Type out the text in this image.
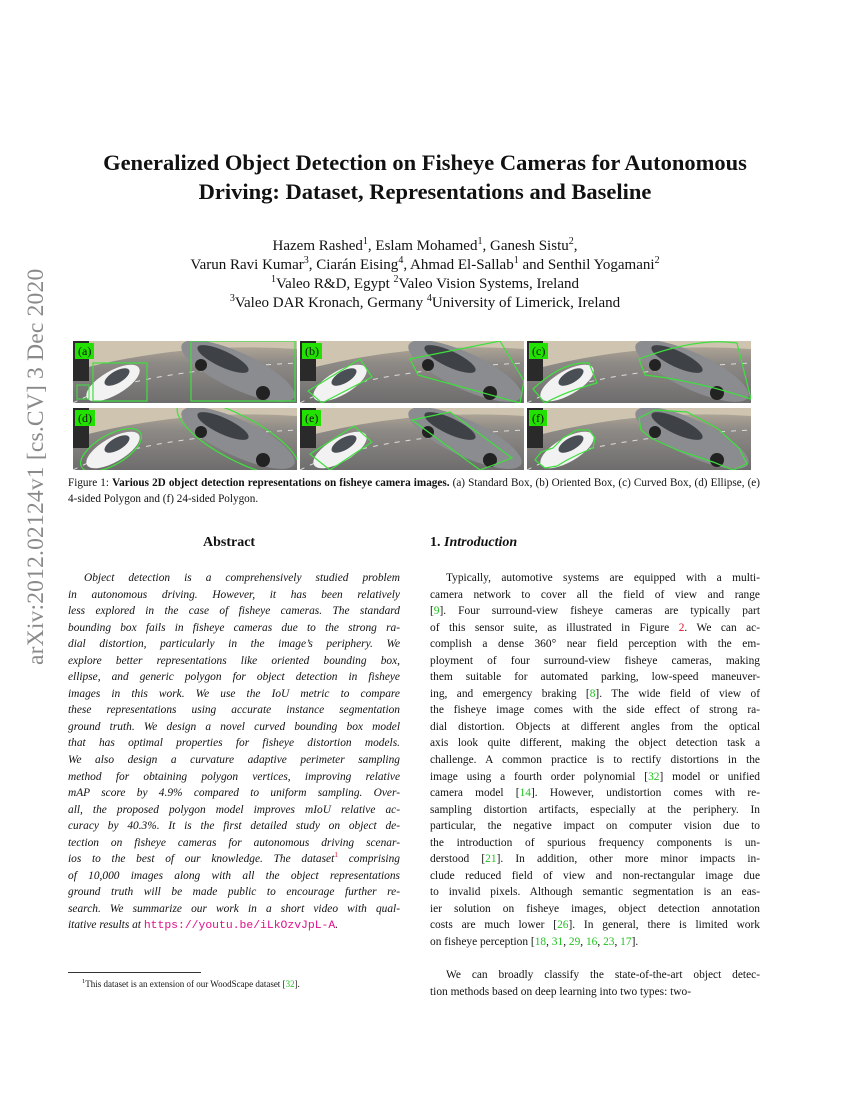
arXiv:2012.02124v1 [cs.CV] 3 Dec 2020
Generalized Object Detection on Fisheye Cameras for Autonomous
Driving: Dataset, Representations and Baseline
Hazem Rashed$^1$, Eslam Mohamed$^1$, Ganesh Sistu$^2$,
Varun Ravi Kumar$^3$, Ciarán Eising$^4$, Ahmad El-Sallab$^1$ and Senthil Yogamani$^2$
$^1$Valeo R&D, Egypt $^2$Valeo Vision Systems, Ireland
$^3$Valeo DAR Kronach, Germany $^4$University of Limerick, Ireland
(a)	(b)	(c)
(d)	(e)	(f)
Figure 1: Various 2D object detection representations on fisheye camera images. (a) Standard Box, (b) Oriented Box, (c) Curved Box, (d) Ellipse, (e) 4-sided Polygon and (f) 24-sided Polygon.
Abstract	1. Introduction
Object detection is a comprehensively studied problem
in autonomous driving. However, it has been relatively
less explored in the case of fisheye cameras. The standard
bounding box fails in fisheye cameras due to the strong ra-
dial distortion, particularly in the image’s periphery. We
explore better representations like oriented bounding box,
ellipse, and generic polygon for object detection in fisheye
images in this work. We use the IoU metric to compare
these representations using accurate instance segmentation
ground truth. We design a novel curved bounding box model
that has optimal properties for fisheye distortion models.
We also design a curvature adaptive perimeter sampling
method for obtaining polygon vertices, improving relative
mAP score by 4.9% compared to uniform sampling. Over-
all, the proposed polygon model improves mIoU relative ac-
curacy by 40.3%. It is the first detailed study on object de-
tection on fisheye cameras for autonomous driving scenar-
ios to the best of our knowledge. The dataset$^1$ comprising
of 10,000 images along with all the object representations
ground truth will be made public to encourage further re-
search. We summarize our work in a short video with qual-
itative results at https://youtu.be/iLkOzvJpL-A.
Typically, automotive systems are equipped with a multi-
camera network to cover all the field of view and range
[9]. Four surround-view fisheye cameras are typically part
of this sensor suite, as illustrated in Figure 2. We can ac-
complish a dense 360° near field perception with the em-
ployment of four surround-view fisheye cameras, making
them suitable for automated parking, low-speed maneuver-
ing, and emergency braking [8]. The wide field of view of
the fisheye image comes with the side effect of strong ra-
dial distortion. Objects at different angles from the optical
axis look quite different, making the object detection task a
challenge. A common practice is to rectify distortions in the
image using a fourth order polynomial [32] model or unified
camera model [14]. However, undistortion comes with re-
sampling distortion artifacts, especially at the periphery. In
particular, the negative impact on computer vision due to
the introduction of spurious frequency components is un-
derstood [21]. In addition, other more minor impacts in-
clude reduced field of view and non-rectangular image due
to invalid pixels. Although semantic segmentation is an eas-
ier solution on fisheye images, object detection annotation
costs are much lower [26]. In general, there is limited work
on fisheye perception [18, 31, 29, 16, 23, 17].
We can broadly classify the state-of-the-art object detec-
tion methods based on deep learning into two types: two-
$^1$This dataset is an extension of our WoodScape dataset [32].
